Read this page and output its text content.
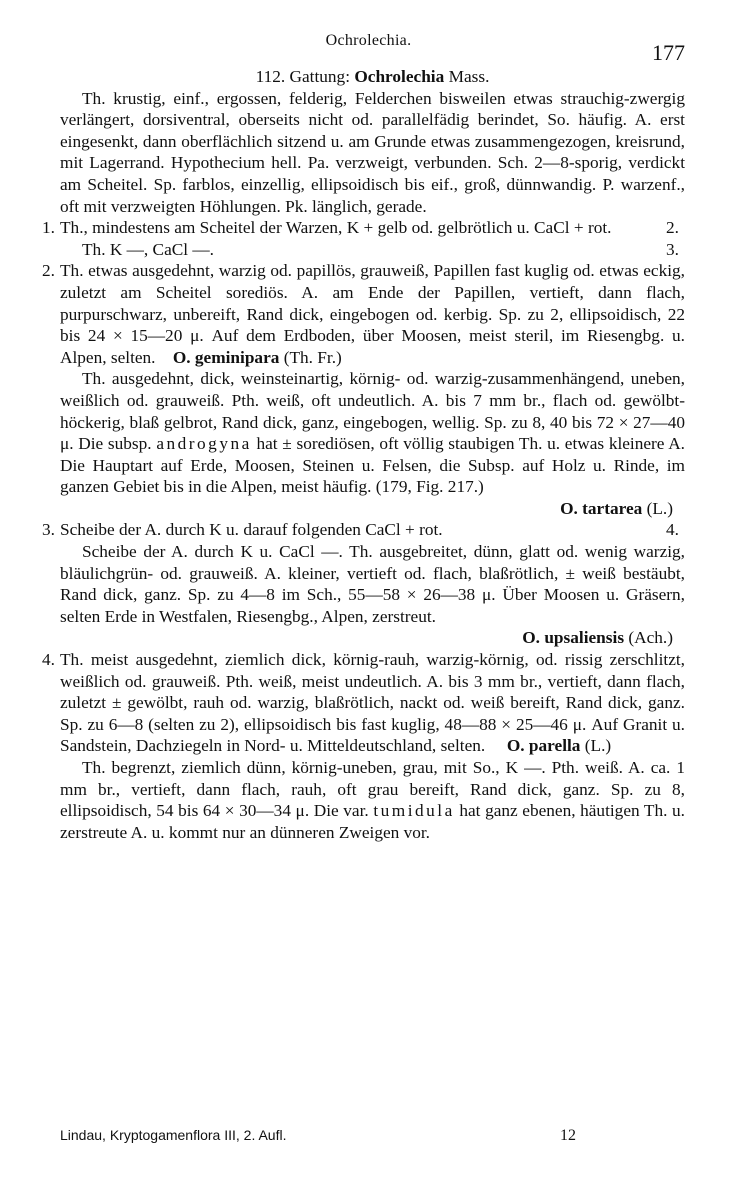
Ochrolechia.	177

112. Gattung: Ochrolechia Mass.

Th. krustig, einf., ergossen, felderig, Felderchen bisweilen etwas strauchig-zwergig verlängert, dorsiventral, oberseits nicht od. parallelfädig berindet, So. häufig. A. erst eingesenkt, dann oberflächlich sitzend u. am Grunde etwas zusammengezogen, kreisrund, mit Lagerrand. Hypothecium hell. Pa. verzweigt, verbunden. Sch. 2—8-sporig, verdickt am Scheitel. Sp. farblos, einzellig, ellipsoidisch bis eif., groß, dünnwandig. P. warzenf., oft mit verzweigten Höhlungen. Pk. länglich, gerade.

1. Th., mindestens am Scheitel der Warzen, K + gelb od. gelbrötlich u. CaCl + rot.	2.
Th. K —, CaCl —.	3.
2. Th. etwas ausgedehnt, warzig od. papillös, grauweiß, Papillen fast kuglig od. etwas eckig, zuletzt am Scheitel sorediös. A. am Ende der Papillen, vertieft, dann flach, purpurschwarz, unbereift, Rand dick, eingebogen od. kerbig. Sp. zu 2, ellipsoidisch, 22 bis 24 × 15—20 μ. Auf dem Erdboden, über Moosen, meist steril, im Riesengbg. u. Alpen, selten. O. geminipara (Th. Fr.)
Th. ausgedehnt, dick, weinsteinartig, körnig- od. warzig-zusammenhängend, uneben, weißlich od. grauweiß. Pth. weiß, oft undeutlich. A. bis 7 mm br., flach od. gewölbt-höckerig, blaß gelbrot, Rand dick, ganz, eingebogen, wellig. Sp. zu 8, 40 bis 72 × 27—40 μ. Die subsp. androgyna hat ± sorediösen, oft völlig staubigen Th. u. etwas kleinere A. Die Hauptart auf Erde, Moosen, Steinen u. Felsen, die Subsp. auf Holz u. Rinde, im ganzen Gebiet bis in die Alpen, meist häufig. (179, Fig. 217.)

O. tartarea (L.)

3. Scheibe der A. durch K u. darauf folgenden CaCl + rot.	4.
Scheibe der A. durch K u. CaCl —. Th. ausgebreitet, dünn, glatt od. wenig warzig, bläulichgrün- od. grauweiß. A. kleiner, vertieft od. flach, blaßrötlich, ± weiß bestäubt, Rand dick, ganz. Sp. zu 4—8 im Sch., 55—58 × 26—38 μ. Über Moosen u. Gräsern, selten Erde in Westfalen, Riesengbg., Alpen, zerstreut.

O. upsaliensis (Ach.)

4. Th. meist ausgedehnt, ziemlich dick, körnig-rauh, warzig-körnig, od. rissig zerschlitzt, weißlich od. grauweiß. Pth. weiß, meist undeutlich. A. bis 3 mm br., vertieft, dann flach, zuletzt ± gewölbt, rauh od. warzig, blaßrötlich, nackt od. weiß bereift, Rand dick, ganz. Sp. zu 6—8 (selten zu 2), ellipsoidisch bis fast kuglig, 48—88 × 25—46 μ. Auf Granit u. Sandstein, Dachziegeln in Nord- u. Mitteldeutschland, selten. O. parella (L.)
Th. begrenzt, ziemlich dünn, körnig-uneben, grau, mit So., K —. Pth. weiß. A. ca. 1 mm br., vertieft, dann flach, rauh, oft grau bereift, Rand dick, ganz. Sp. zu 8, ellipsoidisch, 54 bis 64 × 30—34 μ. Die var. tumidula hat ganz ebenen, häutigen Th. u. zerstreute A. u. kommt nur an dünneren Zweigen vor.
Lindau, Kryptogamenflora III, 2. Aufl.	12
